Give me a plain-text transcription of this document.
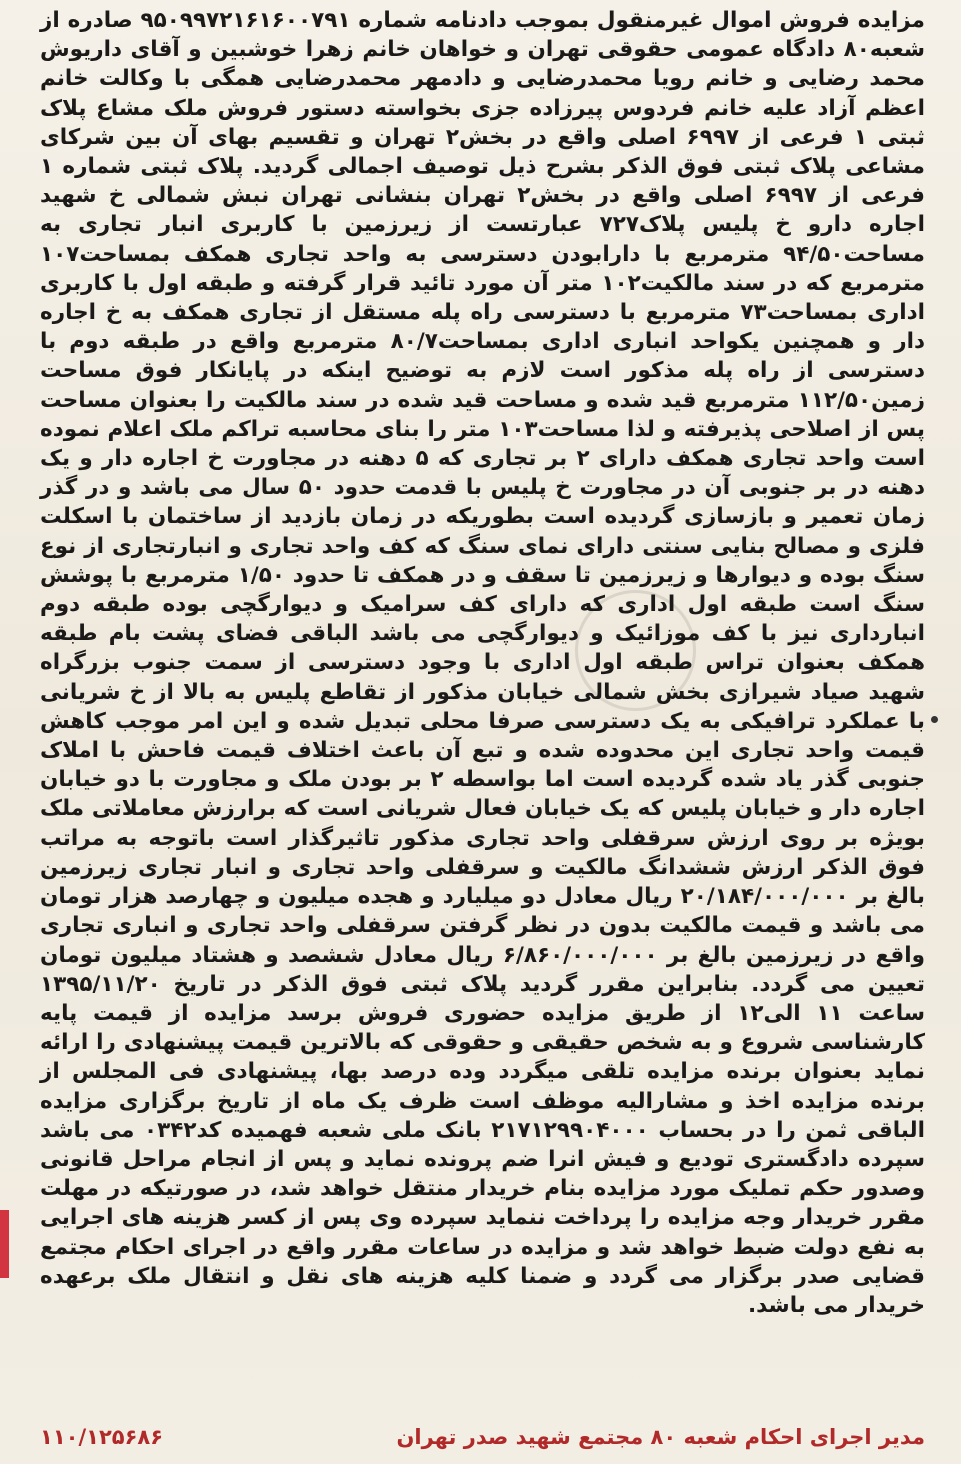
مزایده فروش اموال غیرمنقول بموجب دادنامه شماره ۹۵۰۹۹۷۲۱۶۱۶۰۰۷۹۱ صادره از شعبه۸۰ دادگاه عمومی حقوقی تهران و خواهان خانم زهرا خوشبین و آقای داریوش محمد رضایی و خانم رویا محمدرضایی و دادمهر محمدرضایی همگی با وکالت خانم اعظم آزاد علیه خانم فردوس پیرزاده جزی بخواسته دستور فروش ملک مشاع پلاک ثبتی ۱ فرعی از ۶۹۹۷ اصلی واقع در بخش۲ تهران و تقسیم بهای آن بین شرکای مشاعی پلاک ثبتی فوق الذکر بشرح ذیل توصیف اجمالی گردید. پلاک ثبتی شماره ۱ فرعی از ۶۹۹۷ اصلی واقع در بخش۲ تهران بنشانی تهران نبش شمالی خ شهید اجاره دارو خ پلیس پلاک۷۲۷ عبارتست از زیرزمین با کاربری انبار تجاری به مساحت۹۴/۵۰ مترمربع با دارابودن دسترسی به واحد تجاری همکف بمساحت۱۰۷ مترمربع که در سند مالکیت۱۰۲ متر آن مورد تائید قرار گرفته و طبقه اول با کاربری اداری بمساحت۷۳ مترمربع با دسترسی راه پله مستقل از تجاری همکف به خ اجاره دار و همچنین یکواحد انباری اداری بمساحت۸۰/۷ مترمربع واقع در طبقه دوم با دسترسی از راه پله مذکور است لازم به توضیح اینکه در پایانکار فوق مساحت زمین۱۱۲/۵۰ مترمربع قید شده و مساحت قید شده در سند مالکیت را بعنوان مساحت پس از اصلاحی پذیرفته و لذا مساحت۱۰۳ متر را بنای محاسبه تراکم ملک اعلام نموده است واحد تجاری همکف دارای ۲ بر تجاری که ۵ دهنه در مجاورت خ اجاره دار و یک دهنه در بر جنوبی آن در مجاورت خ پلیس با قدمت حدود ۵۰ سال می باشد و در گذر زمان تعمیر و بازسازی گردیده است بطوریکه در زمان بازدید از ساختمان با اسکلت فلزی و مصالح بنایی سنتی دارای نمای سنگ که کف واحد تجاری و انبارتجاری از نوع سنگ بوده و دیوارها و زیرزمین تا سقف و در همکف تا حدود ۱/۵۰ مترمربع با پوشش سنگ است طبقه اول اداری که دارای کف سرامیک و دیوارگچی بوده طبقه دوم انبارداری نیز با کف موزائیک و دیوارگچی می باشد الباقی فضای پشت بام طبقه همکف بعنوان تراس طبقه اول اداری با وجود دسترسی از سمت جنوب بزرگراه شهید صیاد شیرازی بخش شمالی خیابان مذکور از تقاطع پلیس به بالا از خ شریانی با عملکرد ترافیکی به یک دسترسی صرفا محلی تبدیل شده و این امر موجب کاهش قیمت واحد تجاری این محدوده شده و تبع آن باعث اختلاف قیمت فاحش با املاک جنوبی گذر یاد شده گردیده است اما بواسطه ۲ بر بودن ملک و مجاورت با دو خیابان اجاره دار و خیابان پلیس که یک خیابان فعال شریانی است که برارزش معاملاتی ملک بویژه بر روی ارزش سرقفلی واحد تجاری مذکور تاثیرگذار است باتوجه به مراتب فوق الذکر ارزش ششدانگ مالکیت و سرقفلی واحد تجاری و انبار تجاری زیرزمین بالغ بر ۲۰/۱۸۴/۰۰۰/۰۰۰ ریال معادل دو میلیارد و هجده میلیون و چهارصد هزار تومان می باشد و قیمت مالکیت بدون در نظر گرفتن سرقفلی واحد تجاری و انباری تجاری واقع در زیرزمین بالغ بر ۶/۸۶۰/۰۰۰/۰۰۰ ریال معادل ششصد و هشتاد میلیون تومان تعیین می گردد. بنابراین مقرر گردید پلاک ثبتی فوق الذکر در تاریخ ۱۳۹۵/۱۱/۲۰ ساعت ۱۱ الی۱۲ از طریق مزایده حضوری فروش برسد مزایده از قیمت پایه کارشناسی شروع و به شخص حقیقی و حقوقی که بالاترین قیمت پیشنهادی را ارائه نماید بعنوان برنده مزایده تلقی میگردد وده درصد بها، پیشنهادی فی المجلس از برنده مزایده اخذ و مشارالیه موظف است ظرف یک ماه از تاریخ برگزاری مزایده الباقی ثمن را در بحساب ۲۱۷۱۲۹۹۰۴۰۰۰ بانک ملی شعبه فهمیده کد۰۳۴۲ می باشد سپرده دادگستری تودیع و فیش انرا ضم پرونده نماید و پس از انجام مراحل قانونی وصدور حکم تملیک مورد مزایده بنام خریدار منتقل خواهد شد، در صورتیکه در مهلت مقرر خریدار وجه مزایده را پرداخت ننماید سپرده وی پس از کسر هزینه های اجرایی به نفع دولت ضبط خواهد شد و مزایده در ساعات مقرر واقع در اجرای احکام مجتمع قضایی صدر برگزار می گردد و ضمنا کلیه هزینه های نقل و انتقال ملک برعهده خریدار می باشد.

مدیر اجرای احکام شعبه ۸۰ مجتمع شهید صدر تهران
۱۱۰/۱۲۵۶۸۶
